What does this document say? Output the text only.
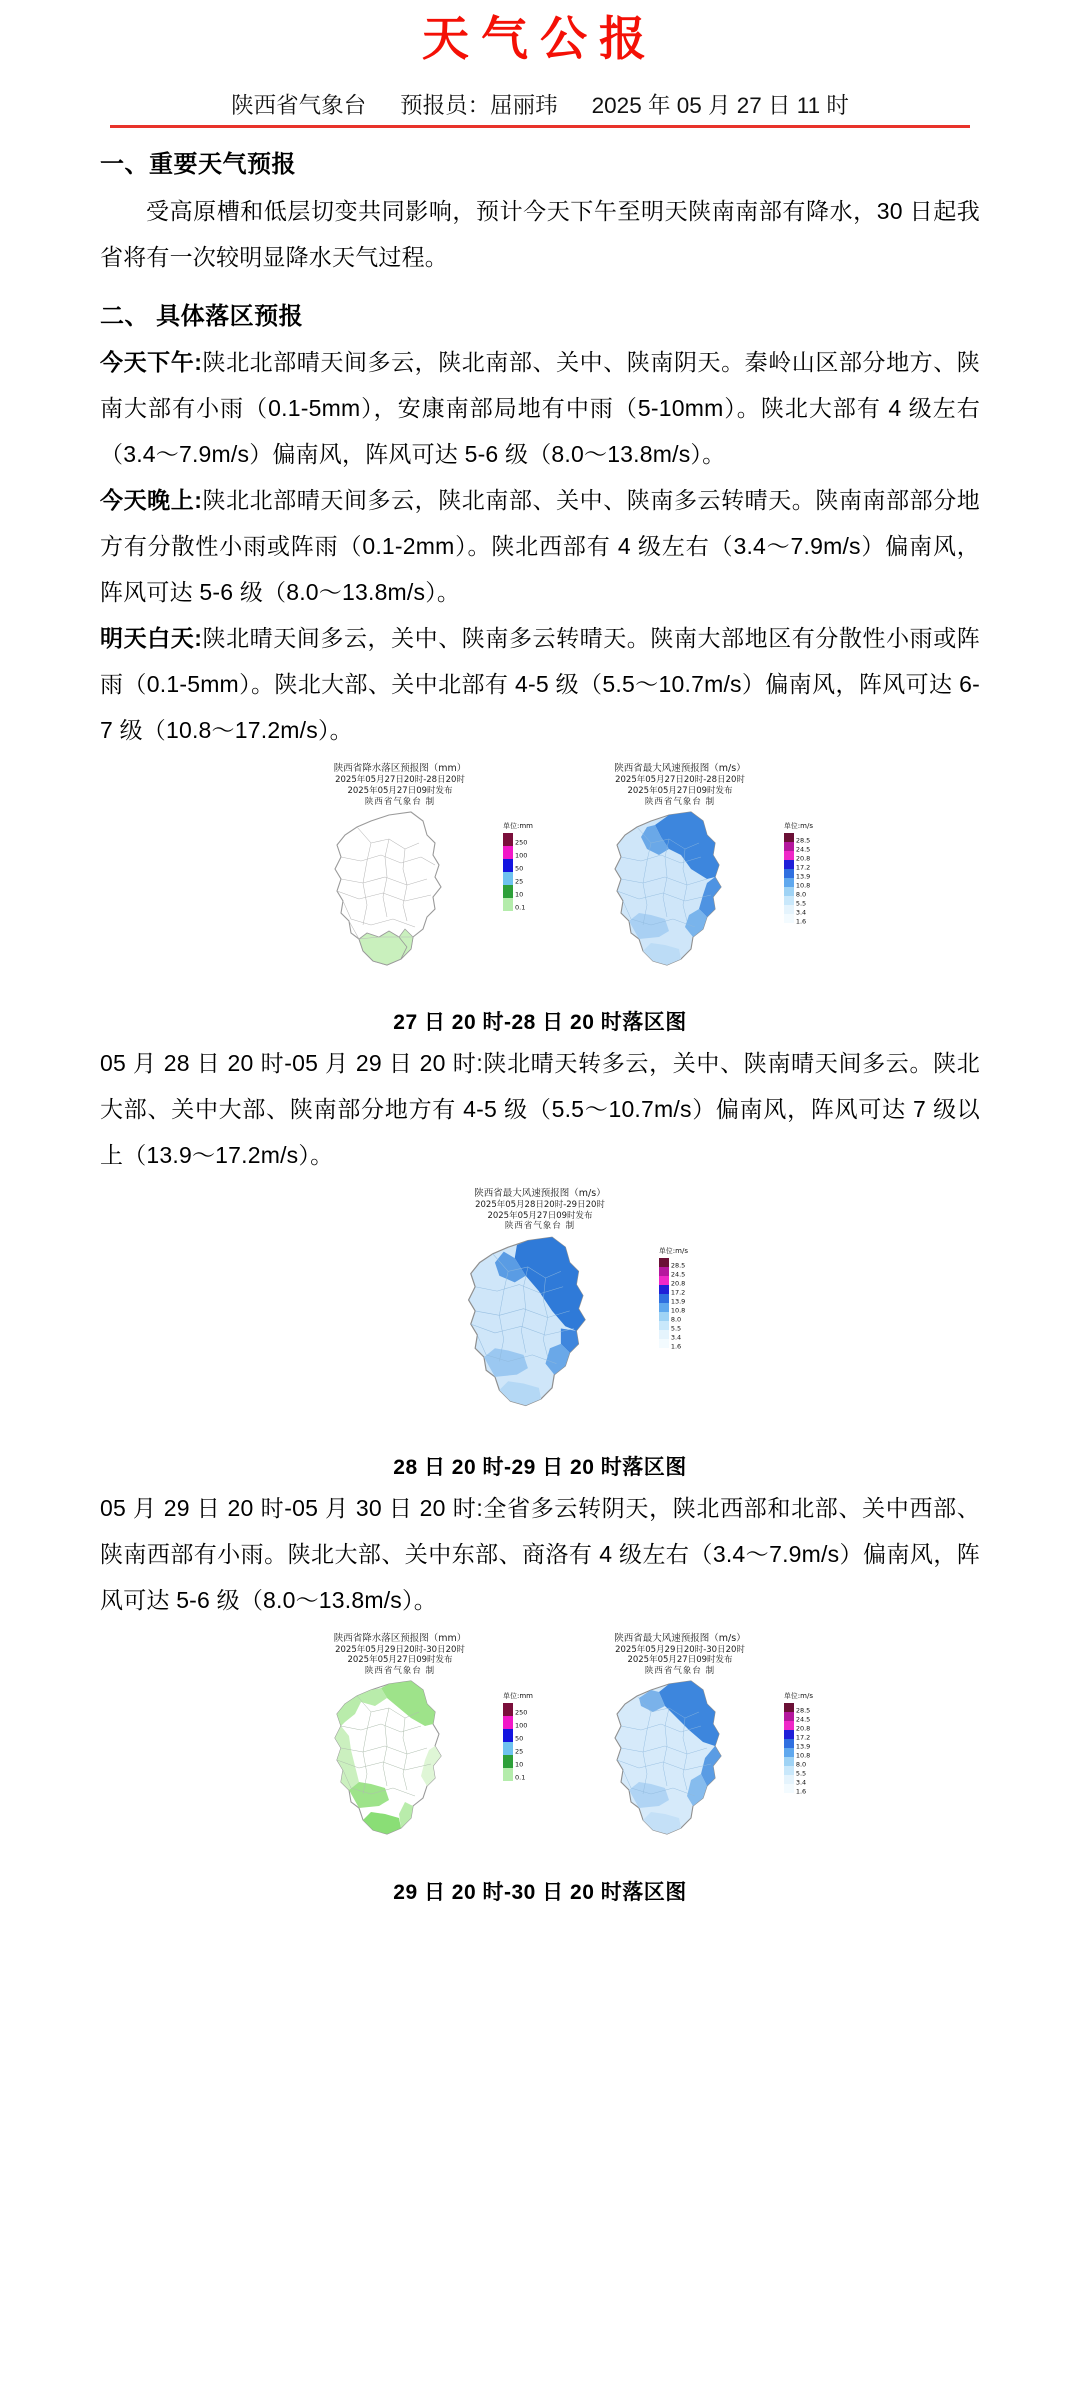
天气公报
陕西省气象台 预报员：屈丽玮 2025 年 05 月 27 日 11 时
一、重要天气预报
受高原槽和低层切变共同影响，预计今天下午至明天陕南南部有降水，30 日起我省将有一次较明显降水天气过程。
二、 具体落区预报
今天下午:陕北北部晴天间多云，陕北南部、关中、陕南阴天。秦岭山区部分地方、陕南大部有小雨（0.1-5mm），安康南部局地有中雨（5-10mm）。陕北大部有 4 级左右（3.4～7.9m/s）偏南风，阵风可达 5-6 级（8.0～13.8m/s）。
今天晚上:陕北北部晴天间多云，陕北南部、关中、陕南多云转晴天。陕南南部部分地方有分散性小雨或阵雨（0.1-2mm）。陕北西部有 4 级左右（3.4～7.9m/s）偏南风，阵风可达 5-6 级（8.0～13.8m/s）。
明天白天:陕北晴天间多云，关中、陕南多云转晴天。陕南大部地区有分散性小雨或阵雨（0.1-5mm）。陕北大部、关中北部有 4-5 级（5.5～10.7m/s）偏南风，阵风可达 6-7 级（10.8～17.2m/s）。
陕西省降水落区预报图（mm）
2025年05月27日20时-28日20时
2025年05月27日09时发布
陕西省气象台 制
单位:mm
250
100
50
25
10
0.1
陕西省最大风速预报图（m/s）
2025年05月27日20时-28日20时
2025年05月27日09时发布
陕西省气象台 制
单位:m/s
28.5
24.5
20.8
17.2
13.9
10.8
8.0
5.5
3.4
1.6
27 日 20 时-28 日 20 时落区图
05 月 28 日 20 时-05 月 29 日 20 时:陕北晴天转多云，关中、陕南晴天间多云。陕北大部、关中大部、陕南部分地方有 4-5 级（5.5～10.7m/s）偏南风，阵风可达 7 级以上（13.9～17.2m/s）。
陕西省最大风速预报图（m/s）
2025年05月28日20时-29日20时
2025年05月27日09时发布
陕西省气象台 制
单位:m/s
28.5
24.5
20.8
17.2
13.9
10.8
8.0
5.5
3.4
1.6
28 日 20 时-29 日 20 时落区图
05 月 29 日 20 时-05 月 30 日 20 时:全省多云转阴天，陕北西部和北部、关中西部、陕南西部有小雨。陕北大部、关中东部、商洛有 4 级左右（3.4～7.9m/s）偏南风，阵风可达 5-6 级（8.0～13.8m/s）。
陕西省降水落区预报图（mm）
2025年05月29日20时-30日20时
2025年05月27日09时发布
陕西省气象台 制
单位:mm
250
100
50
25
10
0.1
陕西省最大风速预报图（m/s）
2025年05月29日20时-30日20时
2025年05月27日09时发布
陕西省气象台 制
单位:m/s
28.5
24.5
20.8
17.2
13.9
10.8
8.0
5.5
3.4
1.6
29 日 20 时-30 日 20 时落区图
